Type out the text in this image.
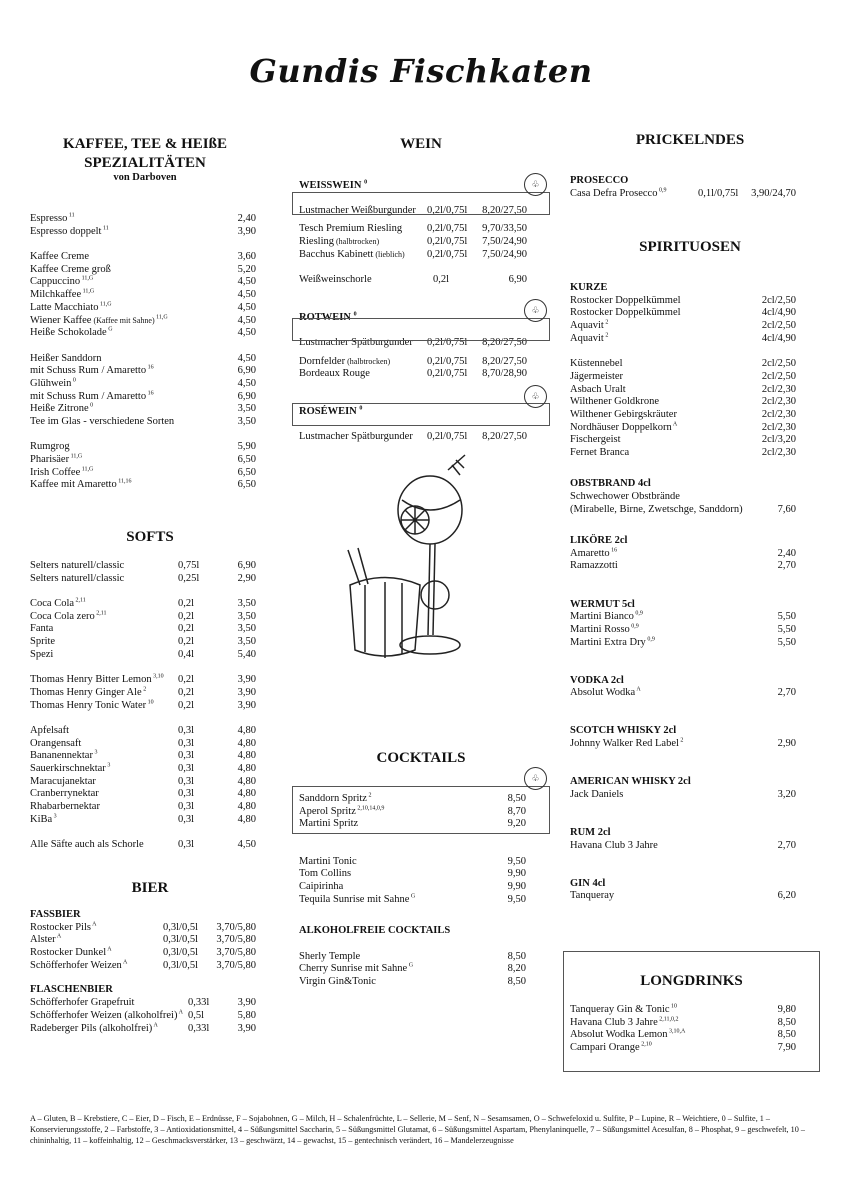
Gundis Fischkaten
KAFFEE, TEE & HEIßE SPEZIALITÄTEN
von Darboven
Espresso $^{11}$	2,40
Espresso doppelt $^{11}$	3,90
Kaffee Creme	3,60
Kaffee Creme groß	5,20
Cappuccino $^{11,G}$	4,50
Milchkaffee $^{11,G}$	4,50
Latte Macchiato $^{11,G}$	4,50
Wiener Kaffee (Kaffee mit Sahne) $^{11,G}$	4,50
Heiße Schokolade $^G$	4,50
Heißer Sanddorn	4,50
mit Schuss Rum / Amaretto $^{16}$	6,90
Glühwein $^0$	4,50
mit Schuss Rum / Amaretto $^{16}$	6,90
Heiße Zitrone $^0$	3,50
Tee im Glas - verschiedene Sorten	3,50
Rumgrog	5,90
Pharisäer $^{11,G}$	6,50
Irish Coffee $^{11,G}$	6,50
Kaffee mit Amaretto $^{11,16}$	6,50
SOFTS
Selters naturell/classic	0,75l	6,90
Selters naturell/classic	0,25l	2,90
Coca Cola $^{2,11}$	0,2l	3,50
Coca Cola zero $^{2,11}$	0,2l	3,50
Fanta	0,2l	3,50
Sprite	0,2l	3,50
Spezi	0,4l	5,40
Thomas Henry Bitter Lemon $^{3,10}$ 0,2l	3,90
Thomas Henry Ginger Ale $^2$	0,2l	3,90
Thomas Henry Tonic Water $^{10}$ 0,2l	3,90
Apfelsaft	0,3l	4,80
Orangensaft	0,3l	4,80
Bananennektar $^3$	0,3l	4,80
Sauerkirschnektar $^3$	0,3l	4,80
Maracujanektar	0,3l	4,80
Cranberrynektar	0,3l	4,80
Rhabarbernektar	0,3l	4,80
KiBa $^3$	0,3l	4,80
Alle Säfte auch als Schorle	0,3l	4,50
BIER
FASSBIER
Rostocker Pils $^A$	0,3l/0,5l 3,70/5,80
Alster $^A$	0,3l/0,5l 3,70/5,80
Rostocker Dunkel $^A$	0,3l/0,5l 3,70/5,80
Schöfferhofer Weizen $^A$	0,3l/0,5l 3,70/5,80
FLASCHENBIER
Schöfferhofer Grapefruit	0,33l	3,90
Schöfferhofer Weizen (alkoholfrei) $^A$ 0,5l	5,80
Radeberger Pils (alkoholfrei) $^A$	0,33l	3,90
WEIN
WEISSWEIN $^0$
Lustmacher Weißburgunder 0,2l/0,75l 8,20/27,50
Tesch Premium Riesling 0,2l/0,75l 9,70/33,50
Riesling (halbtrocken)	0,2l/0,75l 7,50/24,90
Bacchus Kabinett (lieblich) 0,2l/0,75l 7,50/24,90
Weißweinschorle	0,2l	6,90
ROTWEIN $^0$
Lustmacher Spätburgunder 0,2l/0,75l 8,20/27,50
Dornfelder (halbtrocken)	0,2l/0,75l 8,20/27,50
Bordeaux Rouge	0,2l/0,75l 8,70/28,90
ROSÉWEIN $^0$
Lustmacher Spätburgunder 0,2l/0,75l 8,20/27,50
♧
♧
♧
COCKTAILS
♧
Sanddorn Spritz $^2$	8,50
Aperol Spritz $^{2,10,14,0,9}$	8,70
Martini Spritz	9,20
Martini Tonic	9,50
Tom Collins	9,90
Caipirinha	9,90
Tequila Sunrise mit Sahne $^G$	9,50
ALKOHOLFREIE COCKTAILS
Sherly Temple	8,50
Cherry Sunrise mit Sahne $^G$	8,20
Virgin Gin&Tonic	8,50
PRICKELNDES
PROSECCO
Casa Defra Prosecco $^{0,9}$	0,1l/0,75l 3,90/24,70
SPIRITUOSEN
KURZE
Rostocker Doppelkümmel	2cl/2,50
Rostocker Doppelkümmel	4cl/4,90
Aquavit $^2$	2cl/2,50
Aquavit $^2$	4cl/4,90
Küstennebel	2cl/2,50
Jägermeister	2cl/2,50
Asbach Uralt	2cl/2,30
Wilthener Goldkrone	2cl/2,30
Wilthener Gebirgskräuter	2cl/2,30
Nordhäuser Doppelkorn $^A$	2cl/2,30
Fischergeist	2cl/3,20
Fernet Branca	2cl/2,30
OBSTBRAND 4cl
Schwechower Obstbrände
(Mirabelle, Birne, Zwetschge, Sanddorn)	7,60
LIKÖRE 2cl
Amaretto $^{16}$	2,40
Ramazzotti	2,70
WERMUT 5cl
Martini Bianco $^{0,9}$	5,50
Martini Rosso $^{0,9}$	5,50
Martini Extra Dry $^{0,9}$	5,50
VODKA 2cl
Absolut Wodka $^A$	2,70
SCOTCH WHISKY 2cl
Johnny Walker Red Label $^2$	2,90
AMERICAN WHISKY 2cl
Jack Daniels	3,20
RUM 2cl
Havana Club 3 Jahre	2,70
GIN 4cl
Tanqueray	6,20
LONGDRINKS
Tanqueray Gin & Tonic $^{10}$	9,80
Havana Club 3 Jahre $^{2,11,0,2}$	8,50
Absolut Wodka Lemon $^{3,10,A}$	8,50
Campari Orange $^{2,10}$	7,90
A – Gluten, B – Krebstiere, C – Eier, D – Fisch, E – Erdnüsse, F – Sojabohnen, G – Milch, H – Schalenfrüchte, L – Sellerie, M – Senf, N – Sesamsamen, O – Schwefeloxid u. Sulfite, P – Lupine, R – Weichtiere, 0 – Sulfite, 1 – Konservierungsstoffe, 2 – Farbstoffe, 3 – Antioxidationsmittel, 4 – Süßungsmittel Saccharin, 5 – Süßungsmittel Glutamat, 6 – Süßungsmittel Aspartam, Phenylaninquelle, 7 – Süßungsmittel Acesulfan, 8 – Phosphat, 9 – geschwefelt, 10 – chininhaltig, 11 – koffeinhaltig, 12 – Geschmacksverstärker, 13 – geschwärzt, 14 – gewachst, 15 – gentechnisch verändert, 16 – Mandelerzeugnisse
